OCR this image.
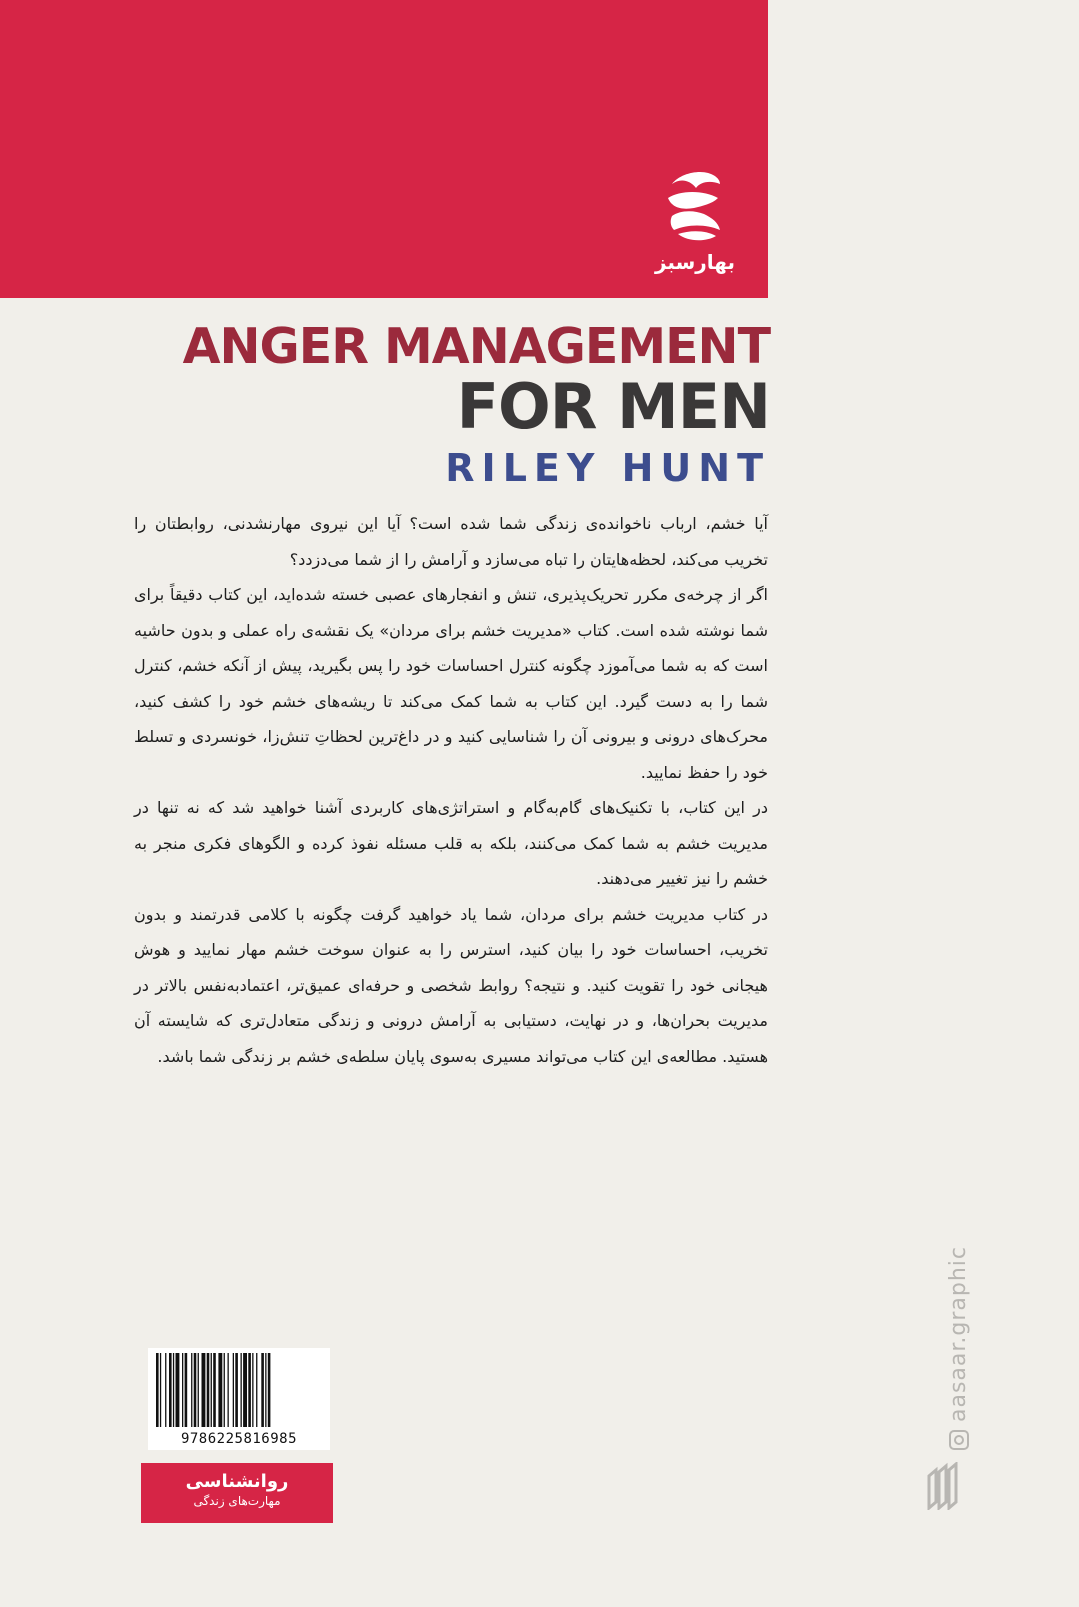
بهارسبز
ANGER MANAGEMENT
FOR MEN
RILEY HUNT

آیا خشم، ارباب ناخوانده‌ی زندگی شما شده است؟ آیا این نیروی مهارنشدنی، روابطتان را تخریب می‌کند، لحظه‌هایتان را تباه می‌سازد و آرامش را از شما می‌دزدد؟

اگر از چرخه‌ی مکرر تحریک‌پذیری، تنش و انفجارهای عصبی خسته شده‌اید، این کتاب دقیقاً برای شما نوشته شده است. کتاب «مدیریت خشم برای مردان» یک نقشه‌ی راه عملی و بدون حاشیه است که به شما می‌آموزد چگونه کنترل احساسات خود را پس بگیرید، پیش از آنکه خشم، کنترل شما را به دست گیرد. این کتاب به شما کمک می‌کند تا ریشه‌های خشم خود را کشف کنید، محرک‌های درونی و بیرونی آن را شناسایی کنید و در داغ‌ترین لحظاتِ تنش‌زا، خونسردی و تسلط خود را حفظ نمایید.

در این کتاب، با تکنیک‌های گام‌به‌گام و استراتژی‌های کاربردی آشنا خواهید شد که نه تنها در مدیریت خشم به شما کمک می‌کنند، بلکه به قلب مسئله نفوذ کرده و الگوهای فکری منجر به خشم را نیز تغییر می‌دهند.

در کتاب مدیریت خشم برای مردان، شما یاد خواهید گرفت چگونه با کلامی قدرتمند و بدون تخریب، احساسات خود را بیان کنید، استرس را به عنوان سوخت خشم مهار نمایید و هوش هیجانی خود را تقویت کنید. و نتیجه؟ روابط شخصی و حرفه‌ای عمیق‌تر، اعتمادبه‌نفس بالاتر در مدیریت بحران‌ها، و در نهایت، دستیابی به آرامش درونی و زندگی متعادل‌تری که شایسته آن هستید. مطالعه‌ی این کتاب می‌تواند مسیری به‌سوی پایان سلطه‌ی خشم بر زندگی شما باشد.

9786225816985
روانشناسی
مهارت‌های زندگی
aasaar.graphic
